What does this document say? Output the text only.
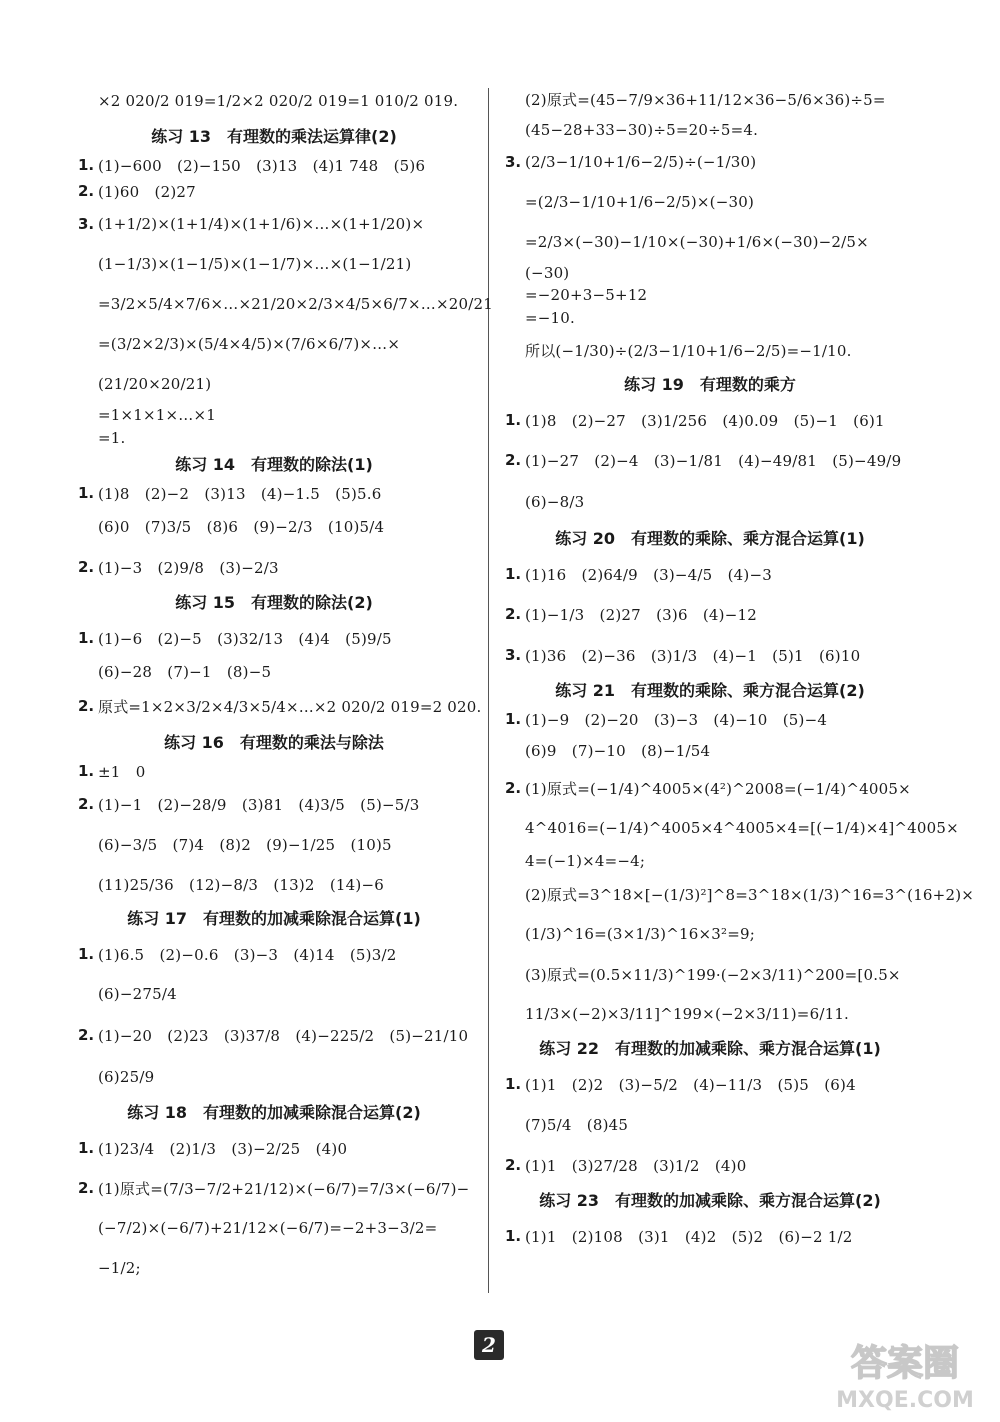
×2 020/2 019=1/2×2 020/2 019=1 010/2 019.
练习 13　有理数的乘法运算律(2)
1. (1)−600　(2)−150　(3)13　(4)1 748　(5)6
2. (1)60　(2)27
3. (1+1/2)×(1+1/4)×(1+1/6)×…×(1+1/20)×
(1−1/3)×(1−1/5)×(1−1/7)×…×(1−1/21)
=3/2×5/4×7/6×…×21/20×2/3×4/5×6/7×…×20/21
=(3/2×2/3)×(5/4×4/5)×(7/6×6/7)×…×
(21/20×20/21)
=1×1×1×…×1
=1.
练习 14　有理数的除法(1)
1. (1)8　(2)−2　(3)13　(4)−1.5　(5)5.6
(6)0　(7)3/5　(8)6　(9)−2/3　(10)5/4
2. (1)−3　(2)9/8　(3)−2/3
练习 15　有理数的除法(2)
1. (1)−6　(2)−5　(3)32/13　(4)4　(5)9/5
(6)−28　(7)−1　(8)−5
2. 原式=1×2×3/2×4/3×5/4×…×2 020/2 019=2 020.
练习 16　有理数的乘法与除法
1. ±1　0
2. (1)−1　(2)−28/9　(3)81　(4)3/5　(5)−5/3
(6)−3/5　(7)4　(8)2　(9)−1/25　(10)5
(11)25/36　(12)−8/3　(13)2　(14)−6
练习 17　有理数的加减乘除混合运算(1)
1. (1)6.5　(2)−0.6　(3)−3　(4)14　(5)3/2
(6)−275/4
2. (1)−20　(2)23　(3)37/8　(4)−225/2　(5)−21/10
(6)25/9
练习 18　有理数的加减乘除混合运算(2)
1. (1)23/4　(2)1/3　(3)−2/25　(4)0
2. (1)原式=(7/3−7/2+21/12)×(−6/7)=7/3×(−6/7)−
(−7/2)×(−6/7)+21/12×(−6/7)=−2+3−3/2=
−1/2;
(2)原式=(45−7/9×36+11/12×36−5/6×36)÷5=
(45−28+33−30)÷5=20÷5=4.
3. (2/3−1/10+1/6−2/5)÷(−1/30)
=(2/3−1/10+1/6−2/5)×(−30)
=2/3×(−30)−1/10×(−30)+1/6×(−30)−2/5×
(−30)
=−20+3−5+12
=−10.
所以(−1/30)÷(2/3−1/10+1/6−2/5)=−1/10.
练习 19　有理数的乘方
1. (1)8　(2)−27　(3)1/256　(4)0.09　(5)−1　(6)1
2. (1)−27　(2)−4　(3)−1/81　(4)−49/81　(5)−49/9
(6)−8/3
练习 20　有理数的乘除、乘方混合运算(1)
1. (1)16　(2)64/9　(3)−4/5　(4)−3
2. (1)−1/3　(2)27　(3)6　(4)−12
3. (1)36　(2)−36　(3)1/3　(4)−1　(5)1　(6)10
练习 21　有理数的乘除、乘方混合运算(2)
1. (1)−9　(2)−20　(3)−3　(4)−10　(5)−4
(6)9　(7)−10　(8)−1/54
2. (1)原式=(−1/4)^4005×(4²)^2008=(−1/4)^4005×
4^4016=(−1/4)^4005×4^4005×4=[(−1/4)×4]^4005×
4=(−1)×4=−4;
(2)原式=3^18×[−(1/3)²]^8=3^18×(1/3)^16=3^(16+2)×
(1/3)^16=(3×1/3)^16×3²=9;
(3)原式=(0.5×11/3)^199·(−2×3/11)^200=[0.5×
11/3×(−2)×3/11]^199×(−2×3/11)=6/11.
练习 22　有理数的加减乘除、乘方混合运算(1)
1. (1)1　(2)2　(3)−5/2　(4)−11/3　(5)5　(6)4
(7)5/4　(8)45
2. (1)1　(3)27/28　(3)1/2　(4)0
练习 23　有理数的加减乘除、乘方混合运算(2)
1. (1)1　(2)108　(3)1　(4)2　(5)2　(6)−2 1/2
2	答案圈
MXQE.COM
